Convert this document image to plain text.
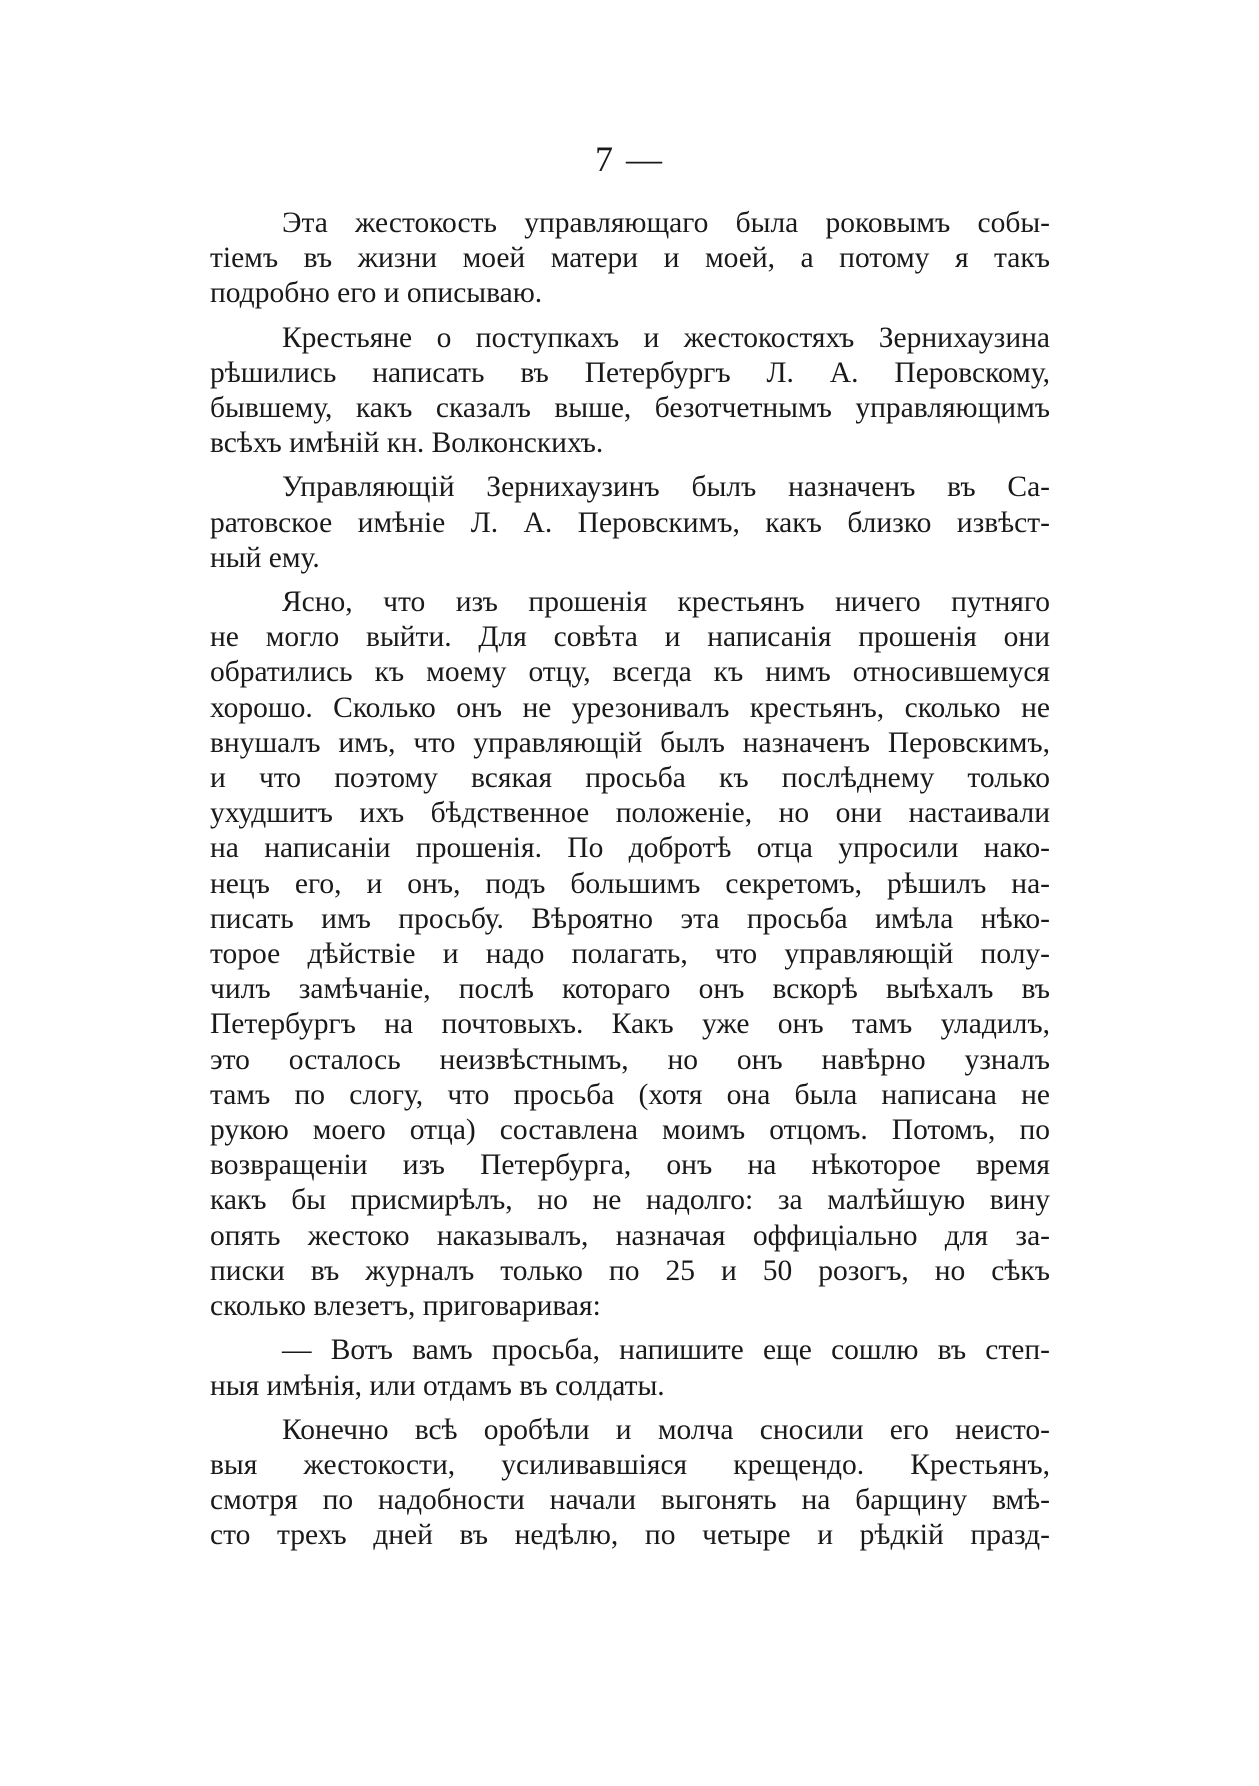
7 —

Эта жестокость управляющаго была роковымъ собы-
тіемъ въ жизни моей матери и моей, а потому я такъ
подробно его и описываю.

Крестьяне о поступкахъ и жестокостяхъ Зернихаузина
рѣшились написать въ Петербургъ Л. А. Перовскому,
бывшему, какъ сказалъ выше, безотчетнымъ управляющимъ
всѣхъ имѣній кн. Волконскихъ.

Управляющій Зернихаузинъ былъ назначенъ въ Са-
ратовское имѣніе Л. А. Перовскимъ, какъ близко извѣст-
ный ему.

Ясно, что изъ прошенія крестьянъ ничего путняго
не могло выйти. Для совѣта и написанія прошенія они
обратились къ моему отцу, всегда къ нимъ относившемуся
хорошо. Сколько онъ не урезонивалъ крестьянъ, сколько не
внушалъ имъ, что управляющій былъ назначенъ Перовскимъ,
и что поэтому всякая просьба къ послѣднему только
ухудшитъ ихъ бѣдственное положеніе, но они настаивали
на написаніи прошенія. По добротѣ отца упросили нако-
нецъ его, и онъ, подъ большимъ секретомъ, рѣшилъ на-
писать имъ просьбу. Вѣроятно эта просьба имѣла нѣко-
торое дѣйствіе и надо полагать, что управляющій полу-
чилъ замѣчаніе, послѣ котораго онъ вскорѣ выѣхалъ въ
Петербургъ на почтовыхъ. Какъ уже онъ тамъ уладилъ,
это осталось неизвѣстнымъ, но онъ навѣрно узналъ
тамъ по слогу, что просьба (хотя она была написана не
рукою моего отца) составлена моимъ отцомъ. Потомъ, по
возвращеніи изъ Петербурга, онъ на нѣкоторое время
какъ бы присмирѣлъ, но не надолго: за малѣйшую вину
опять жестоко наказывалъ, назначая оффиціально для за-
писки въ журналъ только по 25 и 50 розогъ, но сѣкъ
сколько влезетъ, приговаривая:

— Вотъ вамъ просьба, напишите еще сошлю въ степ-
ныя имѣнія, или отдамъ въ солдаты.

Конечно всѣ оробѣли и молча сносили его неисто-
выя жестокости, усиливавшіяся крещендо. Крестьянъ,
смотря по надобности начали выгонять на барщину вмѣ-
сто трехъ дней въ недѣлю, по четыре и рѣдкій празд-
